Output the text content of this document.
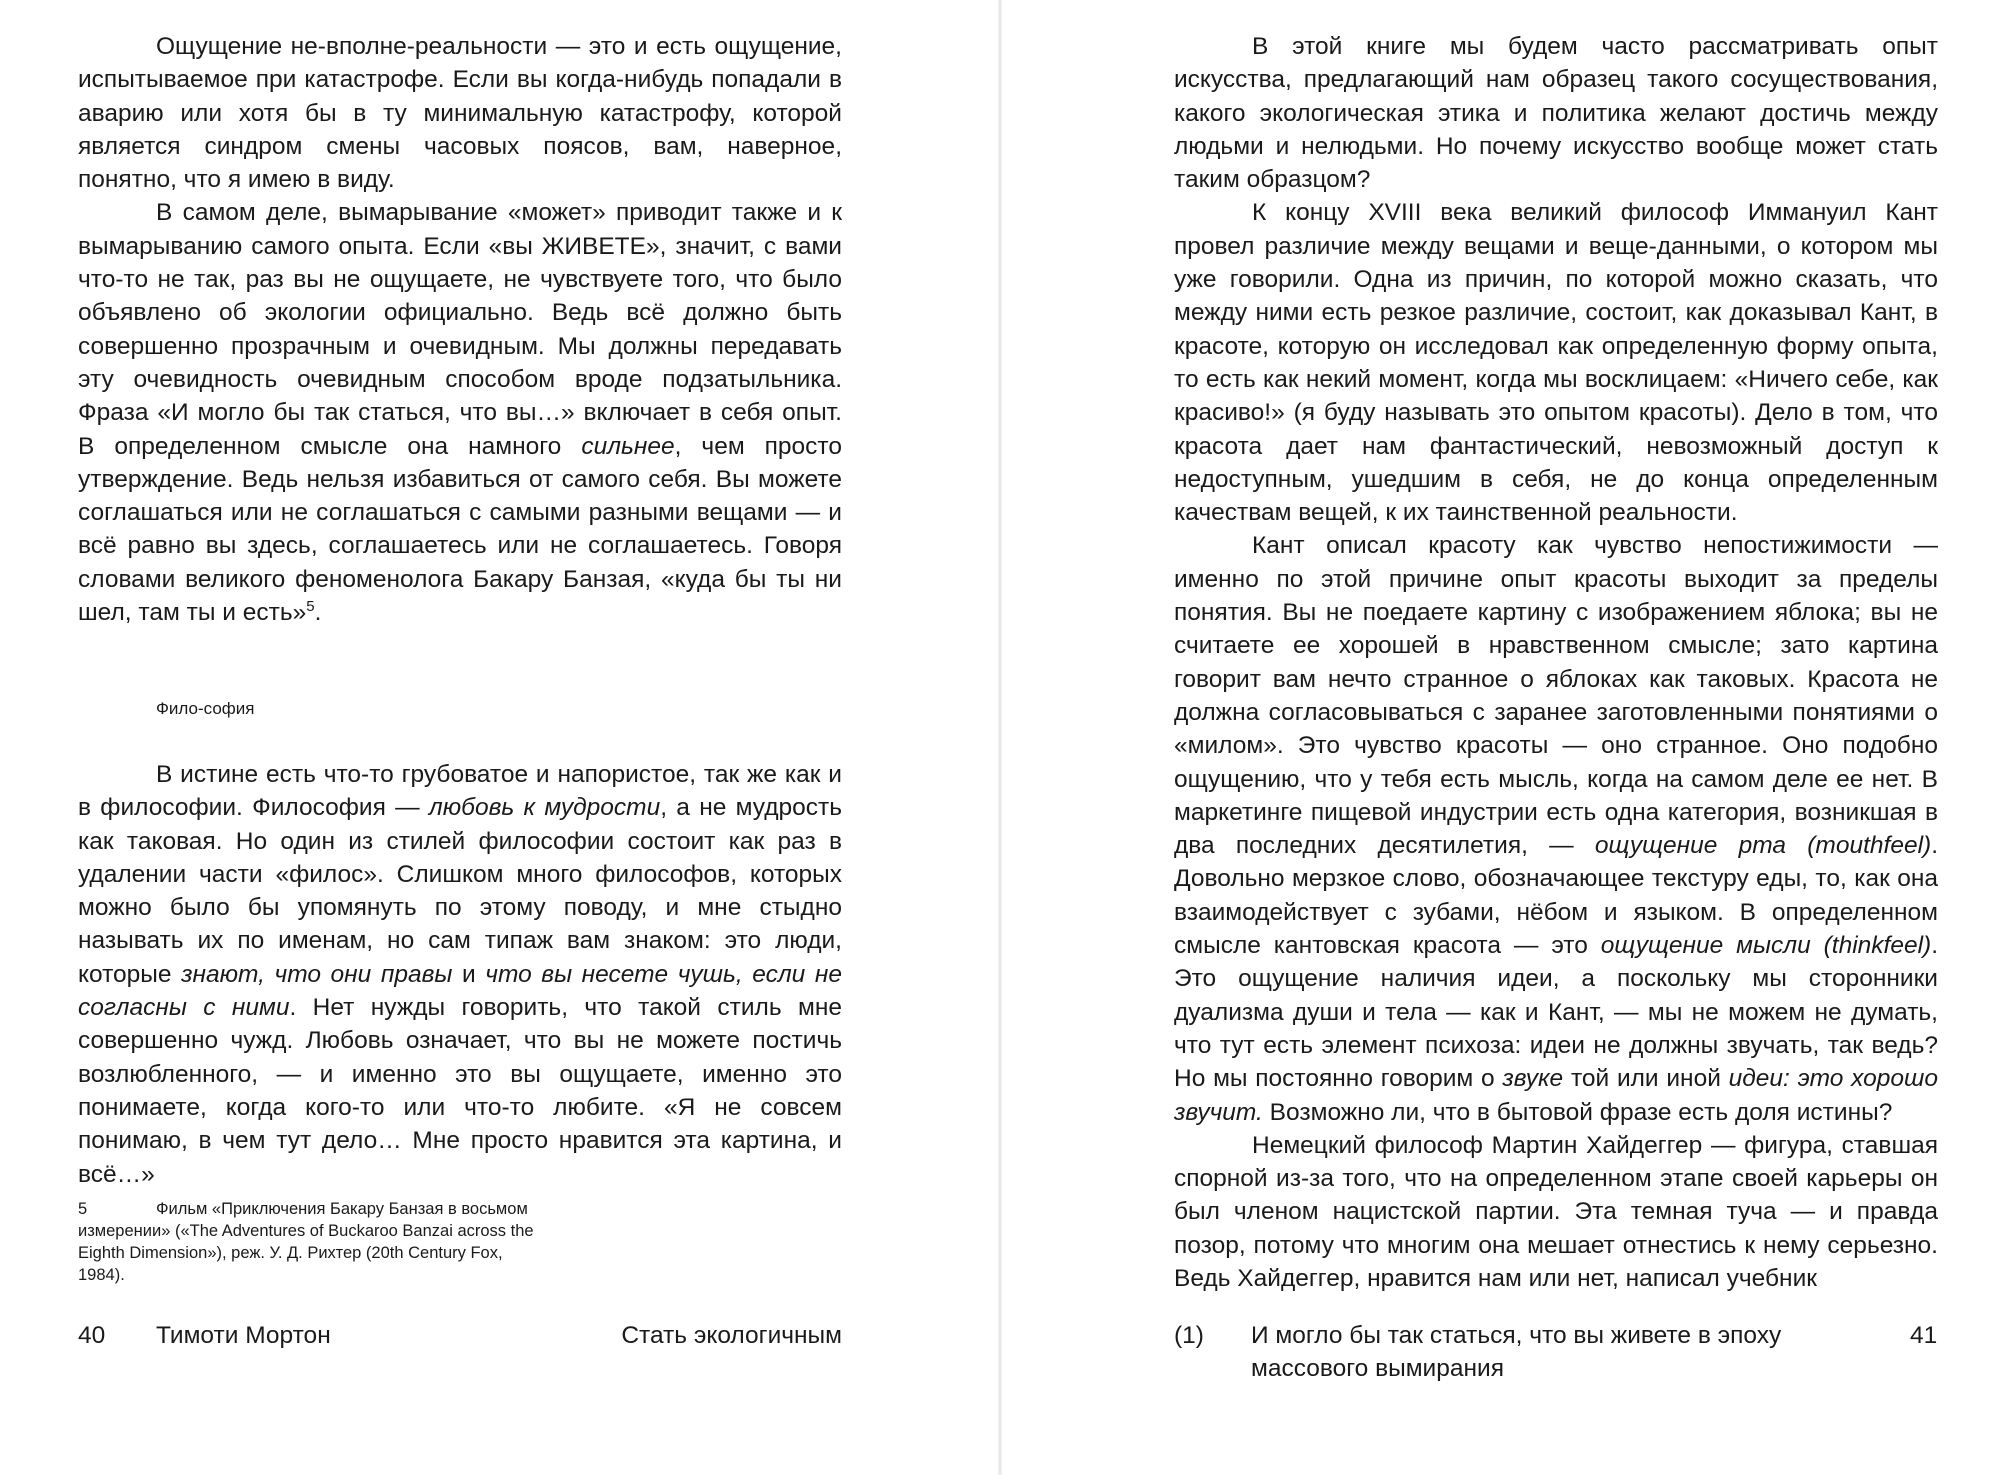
Ощущение не-вполне-реальности — это и есть ощущение, испытываемое при катастрофе. Если вы когда-нибудь попадали в аварию или хотя бы в ту минимальную катастрофу, которой является синдром смены часовых поясов, вам, наверное, понятно, что я имею в виду.

В самом деле, вымарывание «может» приводит также и к вымарыванию самого опыта. Если «вы ЖИВЕТЕ», значит, с вами что-то не так, раз вы не ощущаете, не чувствуете того, что было объявлено об экологии официально. Ведь всё должно быть совершенно прозрачным и очевидным. Мы должны передавать эту очевидность очевидным способом вроде подзатыльника. Фраза «И могло бы так статься, что вы…» включает в себя опыт. В определенном смысле она намного сильнее, чем просто утверждение. Ведь нельзя избавиться от самого себя. Вы можете соглашаться или не соглашаться с самыми разными вещами — и всё равно вы здесь, соглашаетесь или не соглашаетесь. Говоря словами великого феноменолога Бакару Банзая, «куда бы ты ни шел, там ты и есть»$^5$.

Фило-софия

В истине есть что-то грубоватое и напористое, так же как и в философии. Философия — любовь к мудрости, а не мудрость как таковая. Но один из стилей философии состоит как раз в удалении части «филос». Слишком много философов, которых можно было бы упомянуть по этому поводу, и мне стыдно называть их по именам, но сам типаж вам знаком: это люди, которые знают, что они правы и что вы несете чушь, если не согласны с ними. Нет нужды говорить, что такой стиль мне совершенно чужд. Любовь означает, что вы не можете постичь возлюбленного, — и именно это вы ощущаете, именно это понимаете, когда кого-то или что-то любите. «Я не совсем понимаю, в чем тут дело… Мне просто нравится эта картина, и всё…»

5	Фильм «Приключения Бакару Банзая в восьмом измерении» («The Adventures of Buckaroo Banzai across the Eighth Dimension»), реж. У. Д. Рихтер (20th Century Fox, 1984).

40 Тимоти Мортон	Стать экологичным

В этой книге мы будем часто рассматривать опыт искусства, предлагающий нам образец такого сосуществования, какого экологическая этика и политика желают достичь между людьми и нелюдьми. Но почему искусство вообще может стать таким образцом?

К концу XVIII века великий философ Иммануил Кант провел различие между вещами и веще-данными, о котором мы уже говорили. Одна из причин, по которой можно сказать, что между ними есть резкое различие, состоит, как доказывал Кант, в красоте, которую он исследовал как определенную форму опыта, то есть как некий момент, когда мы восклицаем: «Ничего себе, как красиво!» (я буду называть это опытом красоты). Дело в том, что красота дает нам фантастический, невозможный доступ к недоступным, ушедшим в себя, не до конца определенным качествам вещей, к их таинственной реальности.

Кант описал красоту как чувство непостижимости — именно по этой причине опыт красоты выходит за пределы понятия. Вы не поедаете картину с изображением яблока; вы не считаете ее хорошей в нравственном смысле; зато картина говорит вам нечто странное о яблоках как таковых. Красота не должна согласовываться с заранее заготовленными понятиями о «милом». Это чувство красоты — оно странное. Оно подобно ощущению, что у тебя есть мысль, когда на самом деле ее нет. В маркетинге пищевой индустрии есть одна категория, возникшая в два последних десятилетия, — ощущение рта (mouthfeel). Довольно мерзкое слово, обозначающее текстуру еды, то, как она взаимодействует с зубами, нёбом и языком. В определенном смысле кантовская красота — это ощущение мысли (thinkfeel). Это ощущение наличия идеи, а поскольку мы сторонники дуализма души и тела — как и Кант, — мы не можем не думать, что тут есть элемент психоза: идеи не должны звучать, так ведь? Но мы постоянно говорим о звуке той или иной идеи: это хорошо звучит. Возможно ли, что в бытовой фразе есть доля истины?

Немецкий философ Мартин Хайдеггер — фигура, ставшая спорной из-за того, что на определенном этапе своей карьеры он был членом нацистской партии. Эта темная туча — и правда позор, потому что многим она мешает отнестись к нему серьезно. Ведь Хайдеггер, нравится нам или нет, написал учебник

(1) И могло бы так статься, что вы живете в эпоху массового вымирания
41
